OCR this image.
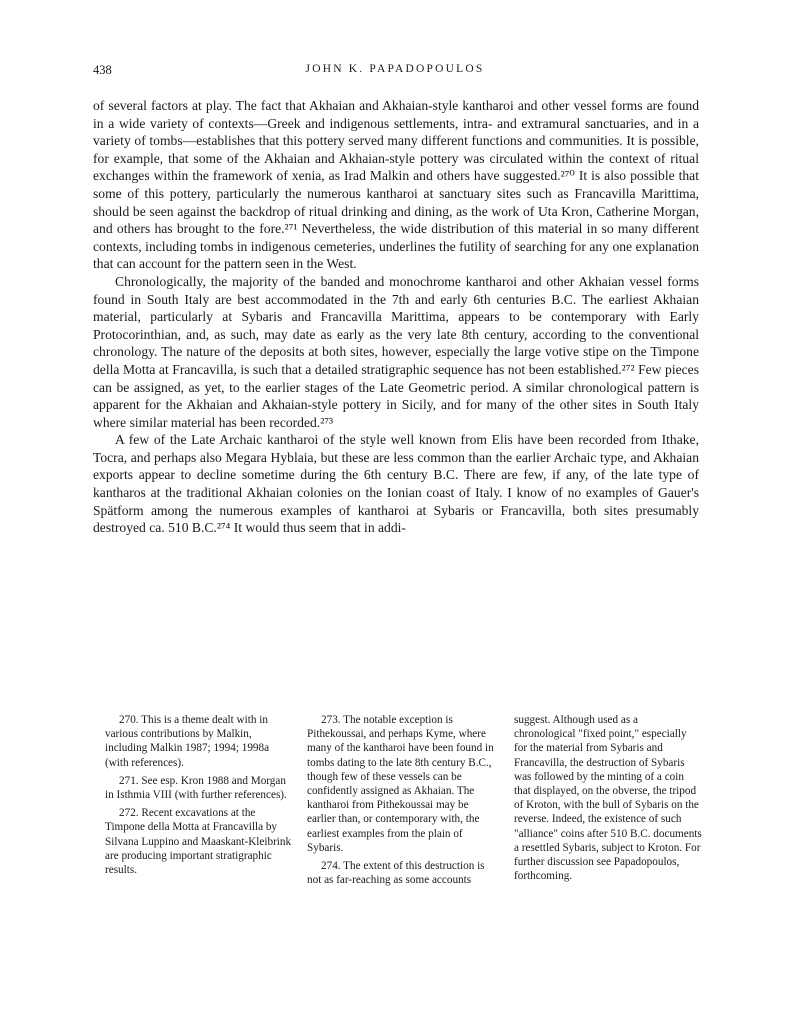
438	JOHN K. PAPADOPOULOS

of several factors at play. The fact that Akhaian and Akhaian-style kantharoi and other vessel forms are found in a wide variety of contexts—Greek and indigenous settlements, intra- and extramural sanctuaries, and in a variety of tombs—establishes that this pottery served many different functions and communities. It is possible, for example, that some of the Akhaian and Akhaian-style pottery was circulated within the context of ritual exchanges within the framework of xenia, as Irad Malkin and others have suggested.²⁷⁰ It is also possible that some of this pottery, particularly the numerous kantharoi at sanctuary sites such as Francavilla Marittima, should be seen against the backdrop of ritual drinking and dining, as the work of Uta Kron, Catherine Morgan, and others has brought to the fore.²⁷¹ Nevertheless, the wide distribution of this material in so many different contexts, including tombs in indigenous cemeteries, underlines the futility of searching for any one explanation that can account for the pattern seen in the West.

Chronologically, the majority of the banded and monochrome kantharoi and other Akhaian vessel forms found in South Italy are best accommodated in the 7th and early 6th centuries B.C. The earliest Akhaian material, particularly at Sybaris and Francavilla Marittima, appears to be contemporary with Early Protocorinthian, and, as such, may date as early as the very late 8th century, according to the conventional chronology. The nature of the deposits at both sites, however, especially the large votive stipe on the Timpone della Motta at Francavilla, is such that a detailed stratigraphic sequence has not been established.²⁷² Few pieces can be assigned, as yet, to the earlier stages of the Late Geometric period. A similar chronological pattern is apparent for the Akhaian and Akhaian-style pottery in Sicily, and for many of the other sites in South Italy where similar material has been recorded.²⁷³

A few of the Late Archaic kantharoi of the style well known from Elis have been recorded from Ithake, Tocra, and perhaps also Megara Hyblaia, but these are less common than the earlier Archaic type, and Akhaian exports appear to decline sometime during the 6th century B.C. There are few, if any, of the late type of kantharos at the traditional Akhaian colonies on the Ionian coast of Italy. I know of no examples of Gauer's Spätform among the numerous examples of kantharoi at Sybaris or Francavilla, both sites presumably destroyed ca. 510 B.C.²⁷⁴ It would thus seem that in addi-

270. This is a theme dealt with in various contributions by Malkin, including Malkin 1987; 1994; 1998a (with references).

271. See esp. Kron 1988 and Morgan in Isthmia VIII (with further references).

272. Recent excavations at the Timpone della Motta at Francavilla by Silvana Luppino and Maaskant-Kleibrink are producing important stratigraphic results.

273. The notable exception is Pithekoussai, and perhaps Kyme, where many of the kantharoi have been found in tombs dating to the late 8th century B.C., though few of these vessels can be confidently assigned as Akhaian. The kantharoi from Pithekoussai may be earlier than, or contemporary with, the earliest examples from the plain of Sybaris.

274. The extent of this destruction is not as far-reaching as some accounts

suggest. Although used as a chronological "fixed point," especially for the material from Sybaris and Francavilla, the destruction of Sybaris was followed by the minting of a coin that displayed, on the obverse, the tripod of Kroton, with the bull of Sybaris on the reverse. Indeed, the existence of such "alliance" coins after 510 B.C. documents a resettled Sybaris, subject to Kroton. For further discussion see Papadopoulos, forthcoming.
